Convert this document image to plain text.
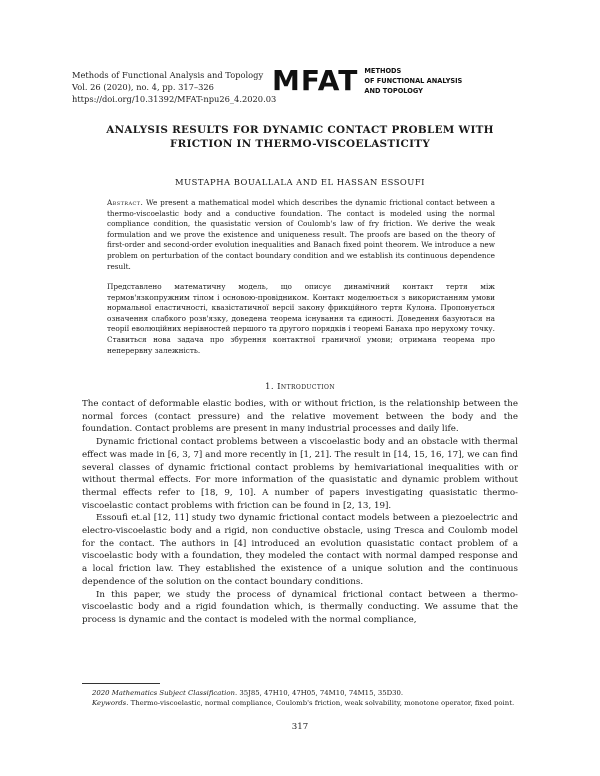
Methods of Functional Analysis and Topology
Vol. 26 (2020), no. 4, pp. 317–326
https://doi.org/10.31392/MFAT-npu26_4.2020.03
MFAT METHODS
OF FUNCTIONAL ANALYSIS
AND TOPOLOGY
ANALYSIS RESULTS FOR DYNAMIC CONTACT PROBLEM WITH
FRICTION IN THERMO-VISCOELASTICITY
MUSTAPHA BOUALLALA AND EL HASSAN ESSOUFI
Abstract. We present a mathematical model which describes the dynamic frictional contact between a thermo-viscoelastic body and a conductive foundation. The contact is modeled using the normal compliance condition, the quasistatic version of Coulomb's law of fry friction. We derive the weak formulation and we prove the existence and uniqueness result. The proofs are based on the theory of first-order and second-order evolution inequalities and Banach fixed point theorem. We introduce a new problem on perturbation of the contact boundary condition and we establish its continuous dependence result.
Представлено математичну модель, що описує динамічний контакт тертя між термов'язкопружним тілом і основою-провідником. Контакт моделюється з використанням умови нормальної еластичності, квазістатичної версії закону фрикційного тертя Кулона. Пропонується означення слабкого розв'язку, доведена теорема існування та єдиності. Доведення базуються на теорії еволюційних нерівностей першого та другого порядків і теоремі Банаха про нерухому точку. Ставиться нова задача про збурення контактної граничної умови; отримана теорема про неперервну залежність.
1. Introduction

The contact of deformable elastic bodies, with or without friction, is the relationship between the normal forces (contact pressure) and the relative movement between the body and the foundation. Contact problems are present in many industrial processes and daily life.

Dynamic frictional contact problems between a viscoelastic body and an obstacle with thermal effect was made in [6, 3, 7] and more recently in [1, 21]. The result in [14, 15, 16, 17], we can find several classes of dynamic frictional contact problems by hemivariational inequalities with or without thermal effects. For more information of the quasistatic and dynamic problem without thermal effects refer to [18, 9, 10]. A number of papers investigating quasistatic thermo-viscoelastic contact problems with friction can be found in [2, 13, 19].

Essoufi et.al [12, 11] study two dynamic frictional contact models between a piezoelectric and electro-viscoelastic body and a rigid, non conductive obstacle, using Tresca and Coulomb model for the contact. The authors in [4] introduced an evolution quasistatic contact problem of a viscoelastic body with a foundation, they modeled the contact with normal damped response and a local friction law. They established the existence of a unique solution and the continuous dependence of the solution on the contact boundary conditions.

In this paper, we study the process of dynamical frictional contact between a thermo-viscoelastic body and a rigid foundation which, is thermally conducting. We assume that the process is dynamic and the contact is modeled with the normal compliance,

2020 Mathematics Subject Classification. 35J85, 47H10, 47H05, 74M10, 74M15, 35D30.

Keywords. Thermo-viscoelastic, normal compliance, Coulomb's friction, weak solvability, monotone operator, fixed point.

317
